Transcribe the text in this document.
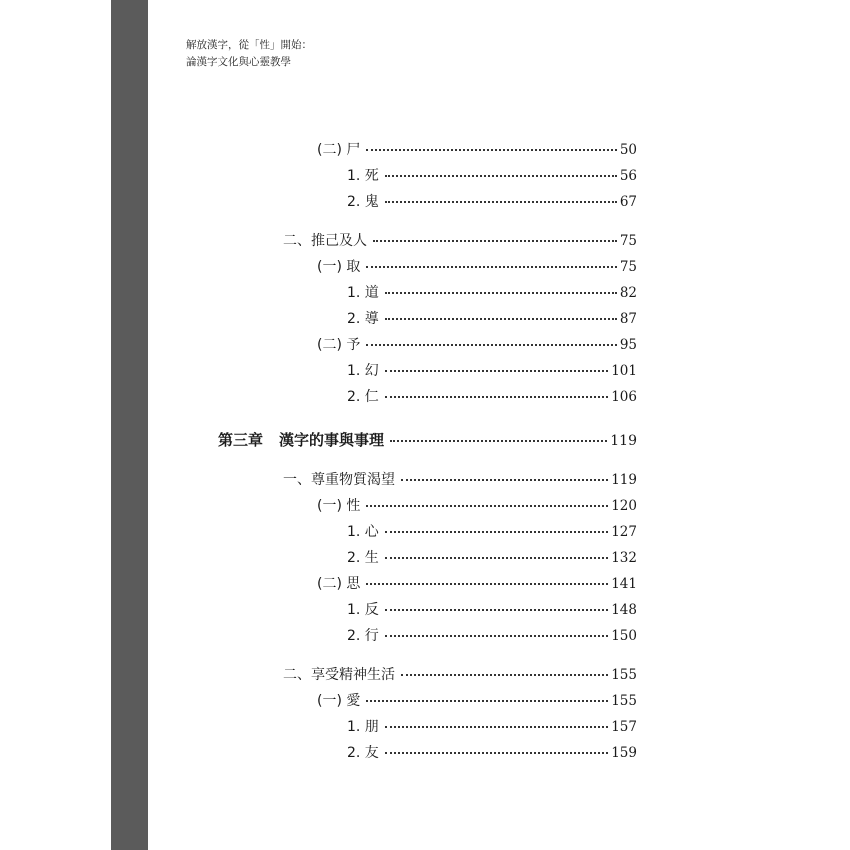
解放漢字，從「性」開始：
論漢字文化與心靈教學
(二) 尸	50
1. 死	56
2. 鬼	67
二、推己及人	75
(一) 取	75
1. 道	82
2. 導	87
(二) 予	95
1. 幻	101
2. 仁	106
第三章 漢字的事與事理	119
一、尊重物質渴望	119
(一) 性	120
1. 心	127
2. 生	132
(二) 思	141
1. 反	148
2. 行	150
二、享受精神生活	155
(一) 愛	155
1. 朋	157
2. 友	159
